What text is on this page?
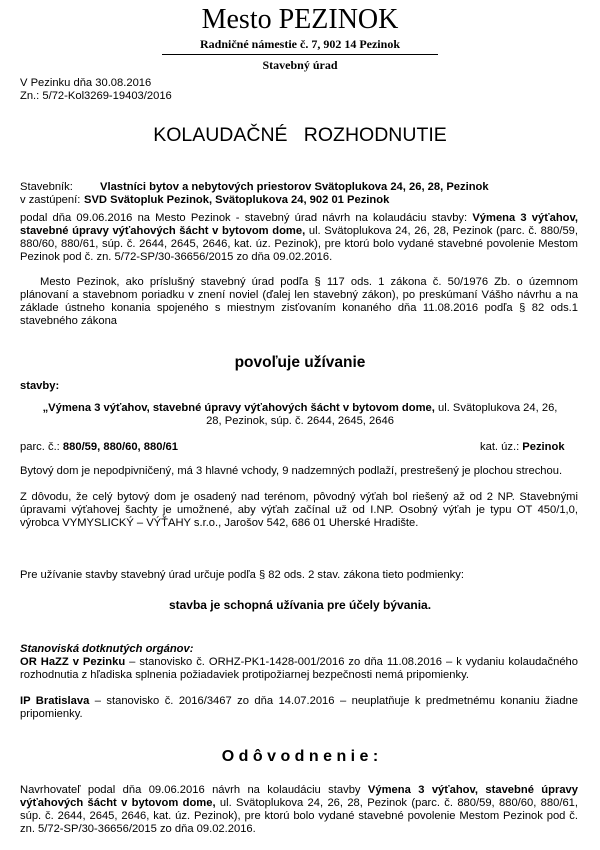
Mesto PEZINOK
Radničné námestie č. 7, 902 14 Pezinok
Stavebný úrad
V Pezinku dňa 30.08.2016
Zn.: 5/72-Kol3269-19403/2016
KOLAUDAČNÉ   ROZHODNUTIE
Stavebník: Vlastníci bytov a nebytových priestorov Svätoplukova 24, 26, 28, Pezinok
v zastúpení: SVD Svätopluk Pezinok, Svätoplukova 24, 902 01 Pezinok

podal dňa 09.06.2016 na Mesto Pezinok - stavebný úrad návrh na kolaudáciu stavby: Výmena 3 výťahov, stavebné úpravy výťahových šácht v bytovom dome, ul. Svätoplukova 24, 26, 28, Pezinok (parc. č. 880/59, 880/60, 880/61, súp. č. 2644, 2645, 2646, kat. úz. Pezinok), pre ktorú bolo vydané stavebné povolenie Mestom Pezinok pod č. zn. 5/72-SP/30-36656/2015 zo dňa 09.02.2016.

Mesto Pezinok, ako príslušný stavebný úrad podľa § 117 ods. 1 zákona č. 50/1976 Zb. o územnom plánovaní a stavebnom poriadku v znení noviel (ďalej len stavebný zákon), po preskúmaní Vášho návrhu a na základe ústneho konania spojeného s miestnym zisťovaním konaného dňa 11.08.2016 podľa § 82 ods.1 stavebného zákona

povoľuje užívanie
stavby:

„Výmena 3 výťahov, stavebné úpravy výťahových šácht v bytovom dome, ul. Svätoplukova 24, 26, 28, Pezinok, súp. č. 2644, 2645, 2646

parc. č.: 880/59, 880/60, 880/61	kat. úz.: Pezinok

Bytový dom je nepodpivničený, má 3 hlavné vchody, 9 nadzemných podlaží, prestrešený je plochou strechou.

Z dôvodu, že celý bytový dom je osadený nad terénom, pôvodný výťah bol riešený až od 2 NP. Stavebnými úpravami výťahovej šachty je umožnené, aby výťah začínal už od I.NP. Osobný výťah je typu OT 450/1,0, výrobca VYMYSLICKÝ – VÝŤAHY s.r.o., Jarošov 542, 686 01 Uherské Hradište.

Pre užívanie stavby stavebný úrad určuje podľa § 82 ods. 2 stav. zákona tieto podmienky:

stavba je schopná užívania pre účely bývania.
Stanoviská dotknutých orgánov:

OR HaZZ v Pezinku – stanovisko č. ORHZ-PK1-1428-001/2016 zo dňa 11.08.2016 – k vydaniu kolaudačného rozhodnutia z hľadiska splnenia požiadaviek protipožiarnej bezpečnosti nemá pripomienky.

IP Bratislava – stanovisko č. 2016/3467 zo dňa 14.07.2016 – neuplatňuje k predmetnému konaniu žiadne pripomienky.

O d ô v o d n e n i e :

Navrhovateľ podal dňa 09.06.2016 návrh na kolaudáciu stavby Výmena 3 výťahov, stavebné úpravy výťahových šácht v bytovom dome, ul. Svätoplukova 24, 26, 28, Pezinok (parc. č. 880/59, 880/60, 880/61, súp. č. 2644, 2645, 2646, kat. úz. Pezinok), pre ktorú bolo vydané stavebné povolenie Mestom Pezinok pod č. zn. 5/72-SP/30-36656/2015 zo dňa 09.02.2016.
